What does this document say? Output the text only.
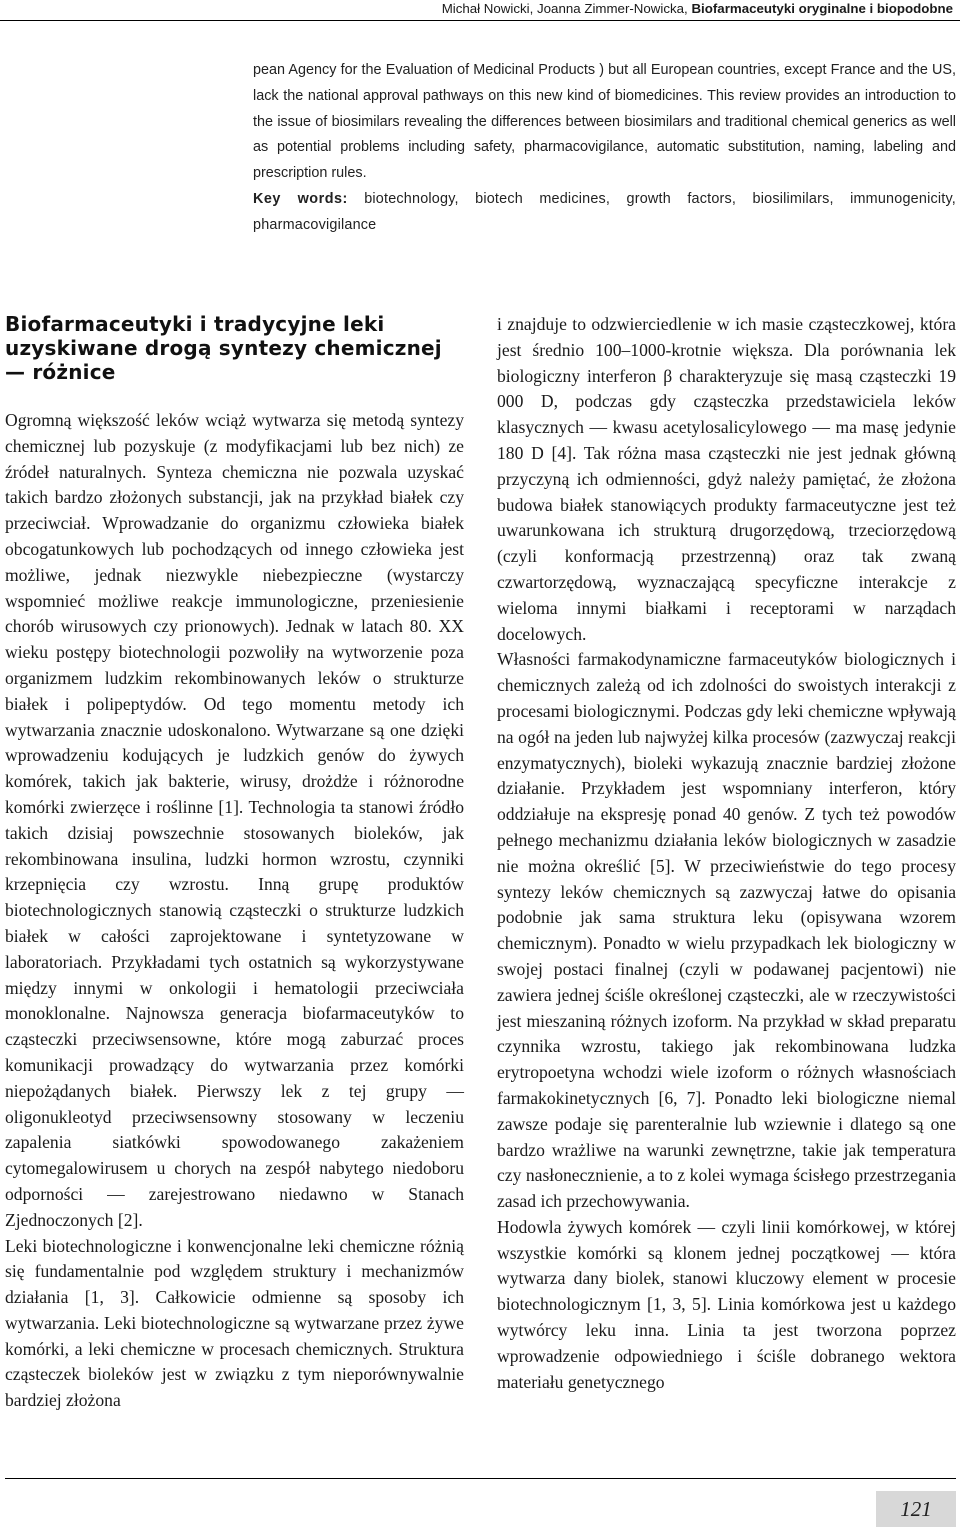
Michał Nowicki, Joanna Zimmer-Nowicka, Biofarmaceutyki oryginalne i biopodobne

pean Agency for the Evaluation of Medicinal Products ) but all European countries, except France and the US, lack the national approval pathways on this new kind of biomedicines. This review provides an introduction to the issue of biosimilars revealing the differences between biosimilars and traditional chemical generics as well as potential problems including safety, pharmacovigilance, automatic substitution, naming, labeling and prescription rules.

Key words: biotechnology, biotech medicines, growth factors, biosilimilars, immunogenicity, pharmacovigilance

Biofarmaceutyki i tradycyjne leki uzyskiwane drogą syntezy chemicznej — różnice

Ogromną większość leków wciąż wytwarza się metodą syntezy chemicznej lub pozyskuje (z modyfikacjami lub bez nich) ze źródeł naturalnych. Synteza chemiczna nie pozwala uzyskać takich bardzo złożonych substancji, jak na przykład białek czy przeciwciał. Wprowadzanie do organizmu człowieka białek obcogatunkowych lub pochodzących od innego człowieka jest możliwe, jednak niezwykle niebezpieczne (wystarczy wspomnieć możliwe reakcje immunologiczne, przeniesienie chorób wirusowych czy prionowych). Jednak w latach 80. XX wieku postępy biotechnologii pozwoliły na wytworzenie poza organizmem ludzkim rekombinowanych leków o strukturze białek i polipeptydów. Od tego momentu metody ich wytwarzania znacznie udoskonalono. Wytwarzane są one dzięki wprowadzeniu kodujących je ludzkich genów do żywych komórek, takich jak bakterie, wirusy, drożdże i różnorodne komórki zwierzęce i roślinne [1]. Technologia ta stanowi źródło takich dzisiaj powszechnie stosowanych bioleków, jak rekombinowana insulina, ludzki hormon wzrostu, czynniki krzepnięcia czy wzrostu. Inną grupę produktów biotechnologicznych stanowią cząsteczki o strukturze ludzkich białek w całości zaprojektowane i syntetyzowane w laboratoriach. Przykładami tych ostatnich są wykorzystywane między innymi w onkologii i hematologii przeciwciała monoklonalne. Najnowsza generacja biofarmaceutyków to cząsteczki przeciwsensowne, które mogą zaburzać proces komunikacji prowadzący do wytwarzania przez komórki niepożądanych białek. Pierwszy lek z tej grupy — oligonukleotyd przeciwsensowny stosowany w leczeniu zapalenia siatkówki spowodowanego zakażeniem cytomegalowirusem u chorych na zespół nabytego niedoboru odporności — zarejestrowano niedawno w Stanach Zjednoczonych [2].

Leki biotechnologiczne i konwencjonalne leki chemiczne różnią się fundamentalnie pod względem struktury i mechanizmów działania [1, 3]. Całkowicie odmienne są sposoby ich wytwarzania. Leki biotechnologiczne są wytwarzane przez żywe komórki, a leki chemiczne w procesach chemicznych. Struktura cząsteczek bioleków jest w związku z tym nieporównywalnie bardziej złożona

i znajduje to odzwierciedlenie w ich masie cząsteczkowej, która jest średnio 100–1000-krotnie większa. Dla porównania lek biologiczny interferon β charakteryzuje się masą cząsteczki 19 000 D, podczas gdy cząsteczka przedstawiciela leków klasycznych — kwasu acetylosalicylowego — ma masę jedynie 180 D [4]. Tak różna masa cząsteczki nie jest jednak główną przyczyną ich odmienności, gdyż należy pamiętać, że złożona budowa białek stanowiących produkty farmaceutyczne jest też uwarunkowana ich strukturą drugorzędową, trzeciorzędową (czyli konformacją przestrzenną) oraz tak zwaną czwartorzędową, wyznaczającą specyficzne interakcje z wieloma innymi białkami i receptorami w narządach docelowych.

Własności farmakodynamiczne farmaceutyków biologicznych i chemicznych zależą od ich zdolności do swoistych interakcji z procesami biologicznymi. Podczas gdy leki chemiczne wpływają na ogół na jeden lub najwyżej kilka procesów (zazwyczaj reakcji enzymatycznych), bioleki wykazują znacznie bardziej złożone działanie. Przykładem jest wspomniany interferon, który oddziałuje na ekspresję ponad 40 genów. Z tych też powodów pełnego mechanizmu działania leków biologicznych w zasadzie nie można określić [5]. W przeciwieństwie do tego procesy syntezy leków chemicznych są zazwyczaj łatwe do opisania podobnie jak sama struktura leku (opisywana wzorem chemicznym). Ponadto w wielu przypadkach lek biologiczny w swojej postaci finalnej (czyli w podawanej pacjentowi) nie zawiera jednej ściśle określonej cząsteczki, ale w rzeczywistości jest mieszaniną różnych izoform. Na przykład w skład preparatu czynnika wzrostu, takiego jak rekombinowana ludzka erytropoetyna wchodzi wiele izoform o różnych własnościach farmakokinetycznych [6, 7]. Ponadto leki biologiczne niemal zawsze podaje się parenteralnie lub wziewnie i dlatego są one bardzo wrażliwe na warunki zewnętrzne, takie jak temperatura czy nasłonecznienie, a to z kolei wymaga ścisłego przestrzegania zasad ich przechowywania.

Hodowla żywych komórek — czyli linii komórkowej, w której wszystkie komórki są klonem jednej początkowej — która wytwarza dany biolek, stanowi kluczowy element w procesie biotechnologicznym [1, 3, 5]. Linia komórkowa jest u każdego wytwórcy leku inna. Linia ta jest tworzona poprzez wprowadzenie odpowiedniego i ściśle dobranego wektora materiału genetycznego

121
